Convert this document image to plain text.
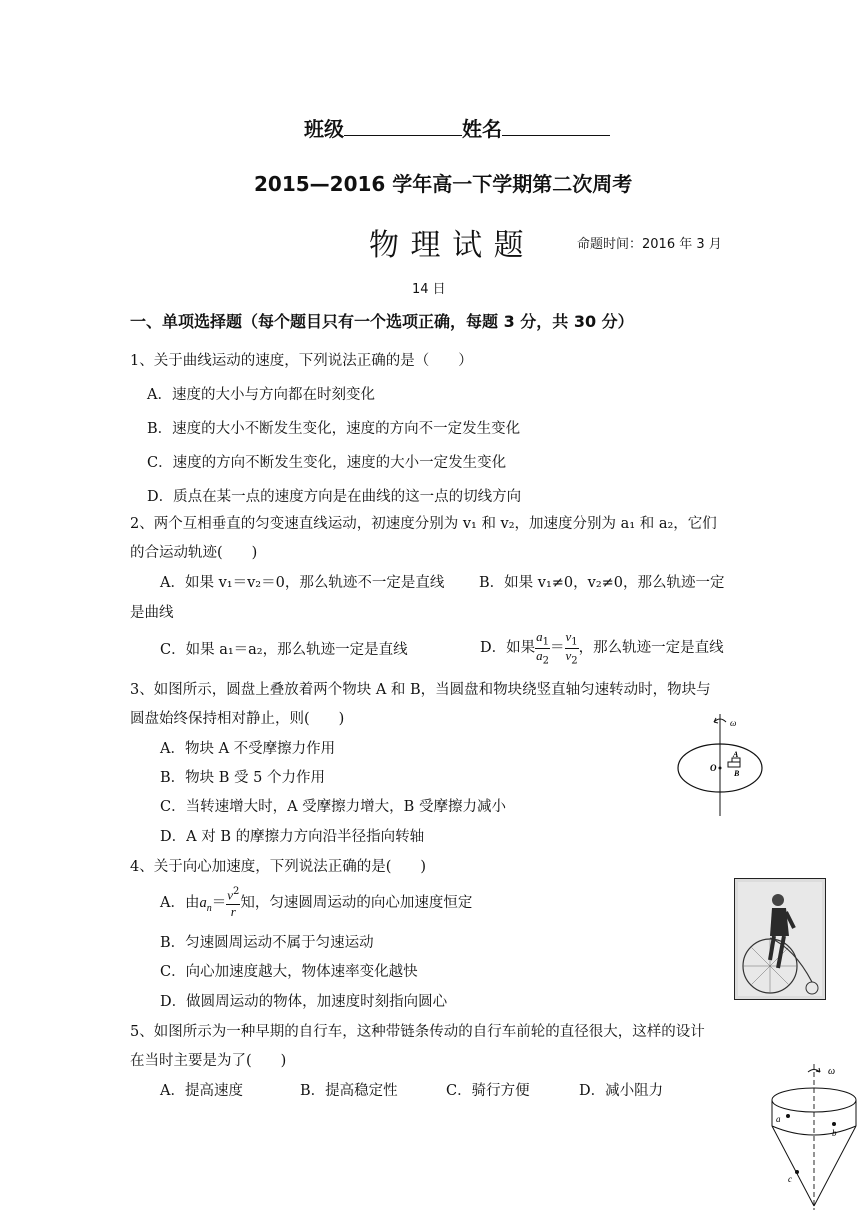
班级	姓名
2015—2016 学年高一下学期第二次周考
物 理 试 题	命题时间：2016 年 3 月
14 日
一、单项选择题（每个题目只有一个选项正确，每题 3 分，共 30 分）
1、关于曲线运动的速度，下列说法正确的是（　　）
A．速度的大小与方向都在时刻变化
B．速度的大小不断发生变化，速度的方向不一定发生变化
C．速度的方向不断发生变化，速度的大小一定发生变化
D．质点在某一点的速度方向是在曲线的这一点的切线方向
2、两个互相垂直的匀变速直线运动，初速度分别为 v₁ 和 v₂，加速度分别为 a₁ 和 a₂，它们
的合运动轨迹(　　)
A．如果 v₁＝v₂＝0，那么轨迹不一定是直线 B．如果 v₁≠0，v₂≠0，那么轨迹一定
是曲线
C．如果 a₁＝a₂，那么轨迹一定是直线	D．如果 $\frac{a_1}{a_2} = \frac{v_1}{v_2}$ ，那么轨迹一定是直线
3、如图所示，圆盘上叠放着两个物块 A 和 B，当圆盘和物块绕竖直轴匀速转动时，物块与
圆盘始终保持相对静止，则(　　)
A．物块 A 不受摩擦力作用
B．物块 B 受 5 个力作用
C．当转速增大时，A 受摩擦力增大，B 受摩擦力减小
D．A 对 B 的摩擦力方向沿半径指向转轴
ω
O
A
B
4、关于向心加速度，下列说法正确的是(　　)
A．由$a_n= \frac{v^2}{r}$ 知，匀速圆周运动的向心加速度恒定
B．匀速圆周运动不属于匀速运动
C．向心加速度越大，物体速率变化越快
D．做圆周运动的物体，加速度时刻指向圆心
5、如图所示为一种早期的自行车，这种带链条传动的自行车前轮的直径很大，这样的设计
在当时主要是为了(　　)
A．提高速度	B．提高稳定性	C．骑行方便	D．减小阻力
ω
a
b
c
